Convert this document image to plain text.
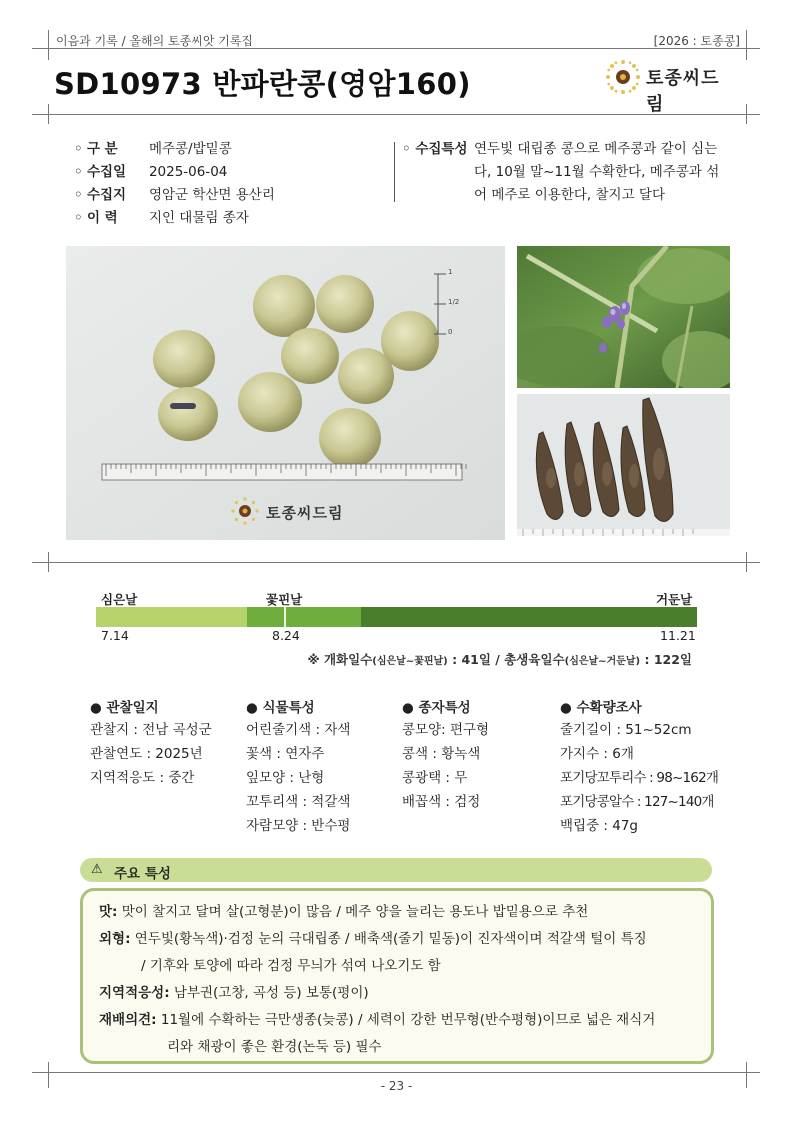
이음과 기록 / 올해의 토종씨앗 기록집	[2026 : 토종콩]
SD10973 반파란콩(영암160)	토종씨드림
◦ 구 분 메주콩/밥밑콩
◦ 수집일 2025-06-04
◦ 수집지 영암군 학산면 용산리
◦ 이 력 지인 대물림 종자
◦ 수집특성 연두빛 대립종 콩으로 메주콩과 같이 심는
다, 10월 말~11월 수확한다, 메주콩과 섞
어 메주로 이용한다, 찰지고 달다
1
1/2
0
토종씨드림
심은날	꽃핀날	거둔날
7.14	8.24	11.21
※ 개화일수(심은날~꽃핀날) : 41일 / 총생육일수(심은날~거둔날) : 122일
● 관찰일지
관찰지 : 전남 곡성군
관찰연도 : 2025년
지역적응도 : 중간
● 식물특성
어린줄기색 : 자색
꽃색 : 연자주
잎모양 : 난형
꼬투리색 : 적갈색
자람모양 : 반수평
● 종자특성
콩모양: 편구형
콩색 : 황녹색
콩광택 : 무
배꼽색 : 검정
● 수확량조사
줄기길이 : 51~52cm
가지수 : 6개
포기당꼬투리수 : 98~162개
포기당콩알수 : 127~140개
백립중 : 47g
⚠ 주요 특성
맛: 맛이 찰지고 달며 살(고형분)이 많음 / 메주 양을 늘리는 용도나 밥밑용으로 추천
외형: 연두빛(황녹색)·검정 눈의 극대립종 / 배축색(줄기 밑동)이 진자색이며 적갈색 털이 특징
/ 기후와 토양에 따라 검정 무늬가 섞여 나오기도 함
지역적응성: 남부권(고창, 곡성 등) 보통(평이)
재배의견: 11월에 수확하는 극만생종(늦콩) / 세력이 강한 번무형(반수평형)이므로 넓은 재식거
리와 채광이 좋은 환경(논둑 등) 필수
- 23 -
